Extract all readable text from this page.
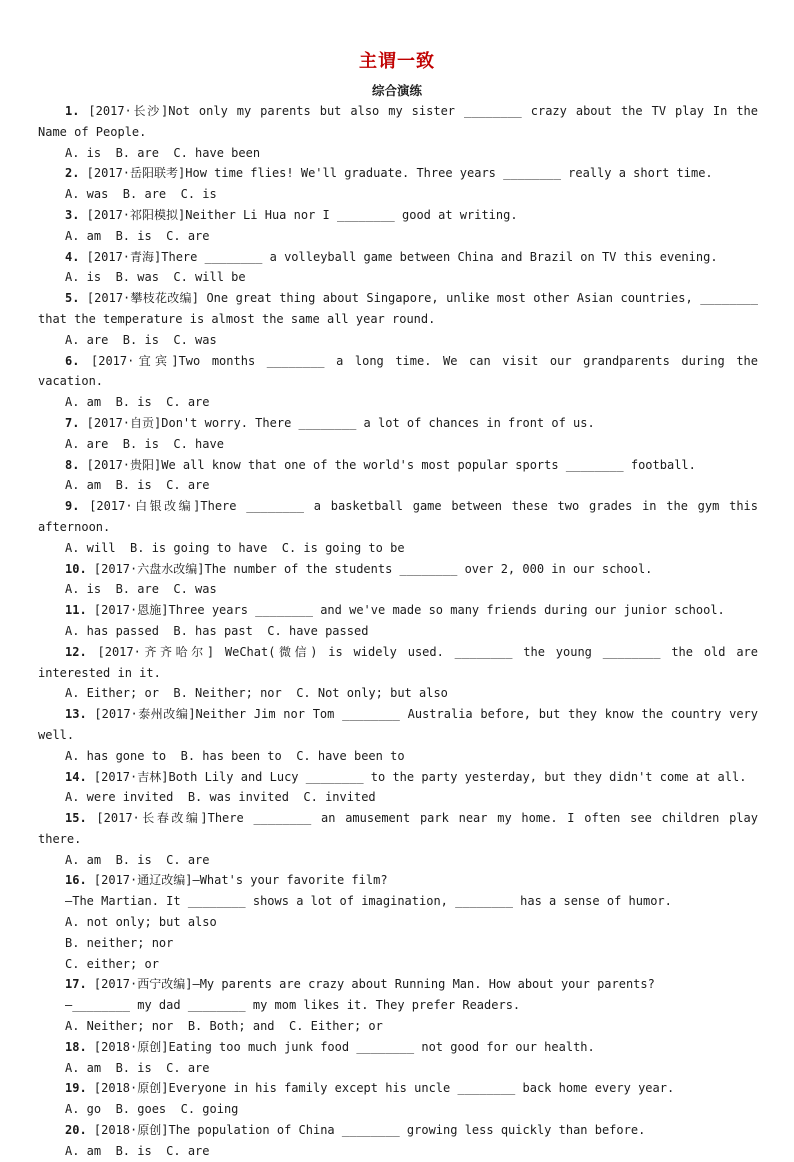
主谓一致
综合演练
1. [2017·长沙]Not only my parents but also my sister ________ crazy about the TV play In the Name of People.
A. is  B. are  C. have been
2. [2017·岳阳联考]How time flies! We'll graduate. Three years ________ really a short time.
A. was  B. are  C. is
3. [2017·祁阳模拟]Neither Li Hua nor I ________ good at writing.
A. am  B. is  C. are
4. [2017·青海]There ________ a volleyball game between China and Brazil on TV this evening.
A. is  B. was  C. will be
5. [2017·攀枝花改编] One great thing about Singapore, unlike most other Asian countries, ________ that the temperature is almost the same all year round.
A. are  B. is  C. was
6. [2017·宜宾]Two months ________ a long time. We can visit our grandparents during the vacation.
A. am  B. is  C. are
7. [2017·自贡]Don't worry. There ________ a lot of chances in front of us.
A. are  B. is  C. have
8. [2017·贵阳]We all know that one of the world's most popular sports ________ football.
A. am  B. is  C. are
9. [2017·白银改编]There ________ a basketball game between these two grades in the gym this afternoon.
A. will  B. is going to have  C. is going to be
10. [2017·六盘水改编]The number of the students ________ over 2, 000 in our school.
A. is  B. are  C. was
11. [2017·恩施]Three years ________ and we've made so many friends during our junior school.
A. has passed  B. has past  C. have passed
12. [2017·齐齐哈尔] WeChat(微信) is widely used. ________ the young ________ the old are interested in it.
A. Either; or  B. Neither; nor  C. Not only; but also
13. [2017·泰州改编]Neither Jim nor Tom ________ Australia before, but they know the country very well.
A. has gone to  B. has been to  C. have been to
14. [2017·吉林]Both Lily and Lucy ________ to the party yesterday, but they didn't come at all.
A. were invited  B. was invited  C. invited
15. [2017·长春改编]There ________ an amusement park near my home. I often see children play there.
A. am  B. is  C. are
16. [2017·通辽改编]—What's your favorite film?
—The Martian. It ________ shows a lot of imagination, ________ has a sense of humor.
A. not only; but also
B. neither; nor
C. either; or
17. [2017·西宁改编]—My parents are crazy about Running Man. How about your parents?
—________ my dad ________ my mom likes it. They prefer Readers.
A. Neither; nor  B. Both; and  C. Either; or
18. [2018·原创]Eating too much junk food ________ not good for our health.
A. am  B. is  C. are
19. [2018·原创]Everyone in his family except his uncle ________ back home every year.
A. go  B. goes  C. going
20. [2018·原创]The population of China ________ growing less quickly than before.
A. am  B. is  C. are
